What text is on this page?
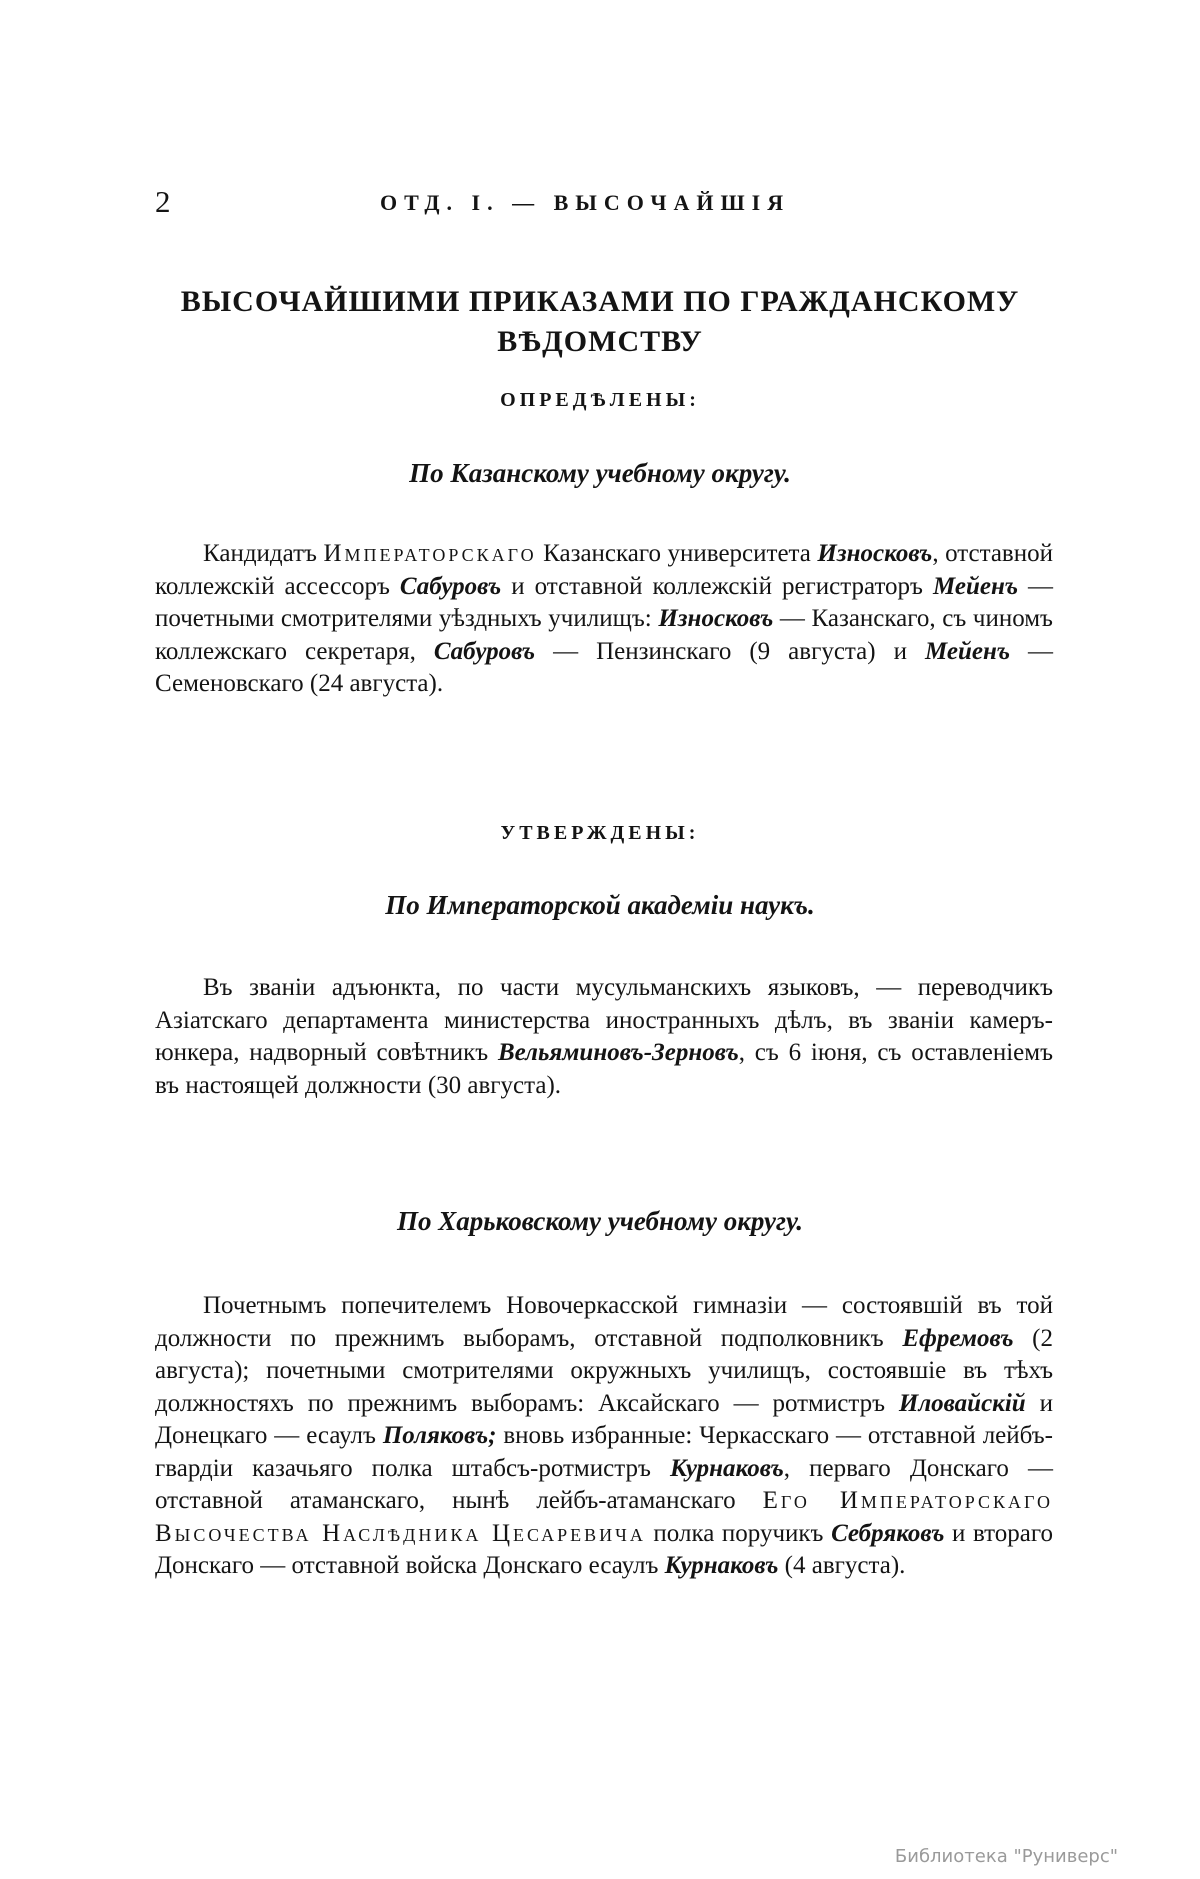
2	ОТД. I. — ВЫСОЧАЙШІЯ
ВЫСОЧАЙШИМИ ПРИКАЗАМИ ПО ГРАЖДАНСКОМУ
ВѢДОМСТВУ
ОПРЕДѢЛЕНЫ:
По Казанскому учебному округу.
Кандидатъ Императорскаго Казанскаго университета Износковъ, отставной коллежскій ассессоръ Сабуровъ и отставной коллежскій регистраторъ Мейенъ — почетными смотрителями уѣздныхъ училищъ: Износковъ — Казанскаго, съ чиномъ коллежскаго секретаря, Сабуровъ — Пензинскаго (9 августа) и Мейенъ — Семеновскаго (24 августа).
УТВЕРЖДЕНЫ:
По Императорской академіи наукъ.
Въ званіи адъюнкта, по части мусульманскихъ языковъ, — переводчикъ Азіатскаго департамента министерства иностранныхъ дѣлъ, въ званіи камеръ-юнкера, надворный совѣтникъ Вельяминовъ-Зерновъ, съ 6 іюня, съ оставленіемъ въ настоящей должности (30 августа).
По Харьковскому учебному округу.
Почетнымъ попечителемъ Новочеркасской гимназіи — состоявшій въ той должности по прежнимъ выборамъ, отставной подполковникъ Ефремовъ (2 августа); почетными смотрителями окружныхъ училищъ, состоявшіе въ тѣхъ должностяхъ по прежнимъ выборамъ: Аксайскаго — ротмистръ Иловайскій и Донецкаго — есаулъ Поляковъ; вновь избранные: Черкасскаго — отставной лейбъ-гвардіи казачьяго полка штабсъ-ротмистръ Курнаковъ, перваго Донскаго — отставной атаманскаго, нынѣ лейбъ-атаманскаго Его Императорскаго Высочества Наслѣдника Цесаревича полка поручикъ Себряковъ и втораго Донскаго — отставной войска Донскаго есаулъ Курнаковъ (4 августа).
Библиотека "Руниверс"
